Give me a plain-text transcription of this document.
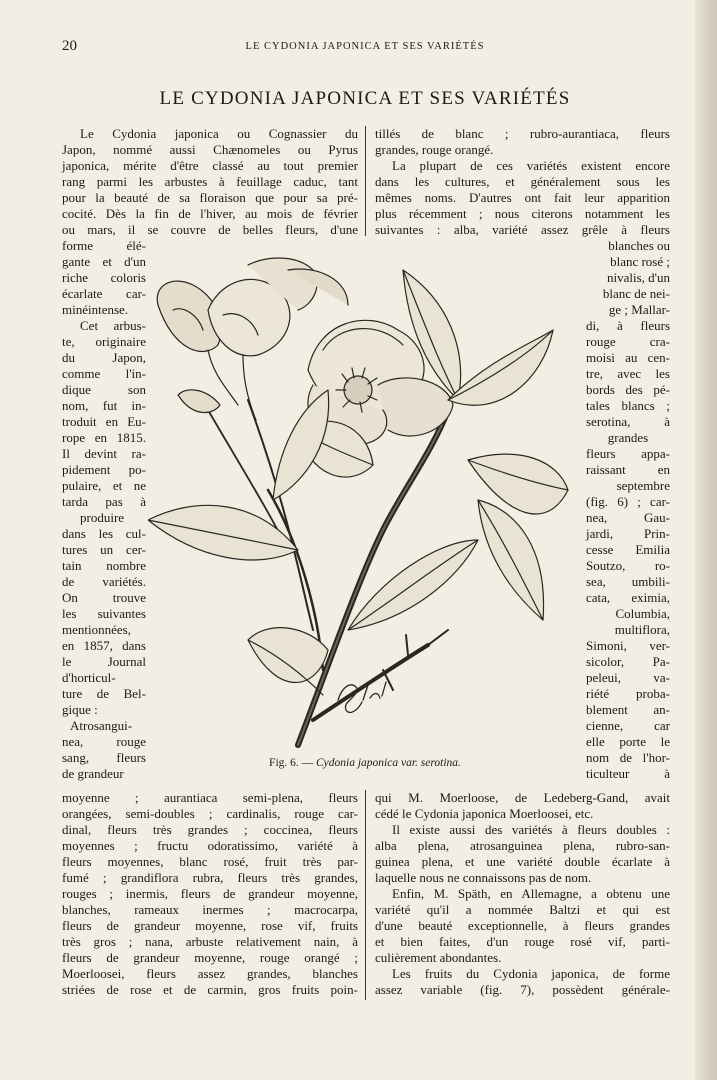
20	LE CYDONIA JAPONICA ET SES VARIÉTÉS
LE CYDONIA JAPONICA ET SES VARIÉTÉS
Le Cydonia japonica ou Cognassier du
Japon, nommé aussi Chænomeles ou Pyrus
japonica, mérite d'être classé au tout premier
rang parmi les arbustes à feuillage caduc, tant
pour la beauté de sa floraison que pour sa pré-
cocité. Dès la fin de l'hiver, au mois de février
ou mars, il se couvre de belles fleurs, d'une
forme élé-
gante et d'un
riche coloris
écarlate car-
minéintense.
Cet arbus-
te, originaire
du Japon,
comme l'in-
dique son
nom, fut in-
troduit en Eu-
rope en 1815.
Il devint ra-
pidement po-
pulaire, et ne
tarda pas à
produire
dans les cul-
tures un cer-
tain nombre
de variétés.
On trouve
les suivantes
mentionnées,
en 1857, dans
le Journal
d'horticul-
ture de Bel-
gique :
Atrosangui-
nea, rouge
sang, fleurs
de grandeur
moyenne ; aurantiaca semi-plena, fleurs
orangées, semi-doubles ; cardinalis, rouge car-
dinal, fleurs très grandes ; coccinea, fleurs
moyennes ; fructu odoratissimo, variété à
fleurs moyennes, blanc rosé, fruit très par-
fumé ; grandiflora rubra, fleurs très grandes,
rouges ; inermis, fleurs de grandeur moyenne,
blanches, rameaux inermes ; macrocarpa,
fleurs de grandeur moyenne, rose vif, fruits
très gros ; nana, arbuste relativement nain, à
fleurs de grandeur moyenne, rouge orangé ;
Moerloosei, fleurs assez grandes, blanches
striées de rose et de carmin, gros fruits poin-
tillés de blanc ; rubro-aurantiaca, fleurs
grandes, rouge orangé.
La plupart de ces variétés existent encore
dans les cultures, et généralement sous les
mêmes noms. D'autres ont fait leur apparition
plus récemment ; nous citerons notamment les
suivantes : alba, variété assez grêle à fleurs
blanches ou
blanc rosé ;
nivalis, d'un
blanc de nei-
ge ; Mallar-
di, à fleurs
rouge cra-
moisi au cen-
tre, avec les
bords des pé-
tales blancs ;
serotina, à
grandes
fleurs appa-
raissant en
septembre
(fig. 6) ; car-
nea, Gau-
jardi, Prin-
cesse Emilia
Soutzo, ro-
sea, umbili-
cata, eximia,
Columbia,
multiflora,
Simoni, ver-
sicolor, Pa-
peleui, va-
riété proba-
blement an-
cienne, car
elle porte le
nom de l'hor-
ticulteur à
qui M. Moerloose, de Ledeberg-Gand, avait
cédé le Cydonia japonica Moerloosei, etc.
Il existe aussi des variétés à fleurs doubles :
alba plena, atrosanguinea plena, rubro-san-
guinea plena, et une variété double écarlate à
laquelle nous ne connaissons pas de nom.
Enfin, M. Späth, en Allemagne, a obtenu une
variété qu'il a nommée Baltzi et qui est
d'une beauté exceptionnelle, à fleurs grandes
et bien faites, d'un rouge rosé vif, parti-
culièrement abondantes.
Les fruits du Cydonia japonica, de forme
assez variable (fig. 7), possèdent générale-
Fig. 6. — Cydonia japonica var. serotina.
